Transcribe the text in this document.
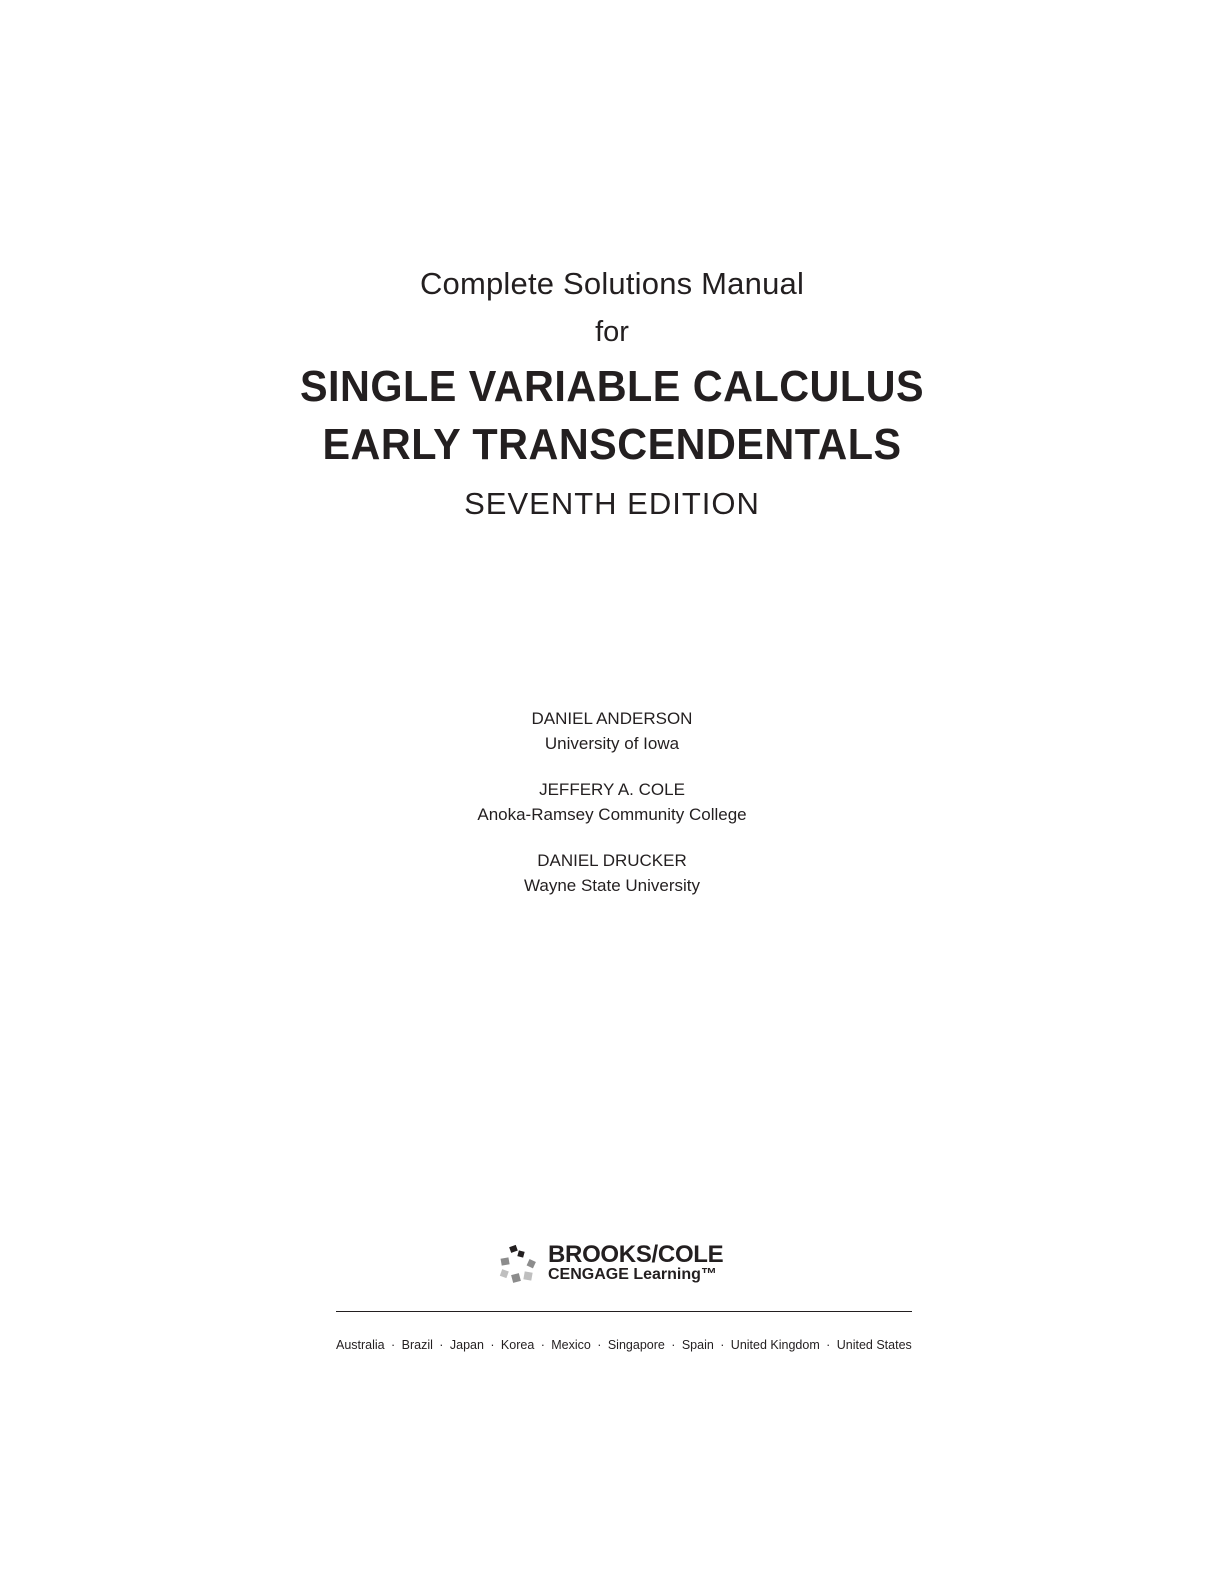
Complete Solutions Manual
for
SINGLE VARIABLE CALCULUS
EARLY TRANSCENDENTALS
SEVENTH EDITION
DANIEL ANDERSON
University of Iowa
JEFFERY A. COLE
Anoka-Ramsey Community College
DANIEL DRUCKER
Wayne State University
BROOKS/COLE
CENGAGE Learning™
Australia · Brazil · Japan · Korea · Mexico · Singapore · Spain · United Kingdom · United States
